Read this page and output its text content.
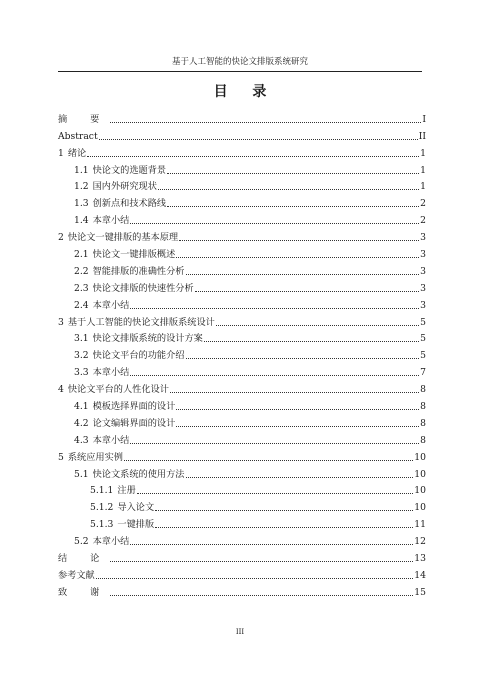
基于人工智能的快论文排版系统研究
目 录
摘 要	I
Abstract	II
1 绪论	1
1.1 快论文的选题背景	1
1.2 国内外研究现状	1
1.3 创新点和技术路线	2
1.4 本章小结	2
2 快论文一键排版的基本原理	3
2.1 快论文一键排版概述	3
2.2 智能排版的准确性分析	3
2.3 快论文排版的快速性分析	3
2.4 本章小结	3
3 基于人工智能的快论文排版系统设计	5
3.1 快论文排版系统的设计方案	5
3.2 快论文平台的功能介绍	5
3.3 本章小结	7
4 快论文平台的人性化设计	8
4.1 模板选择界面的设计	8
4.2 论文编辑界面的设计	8
4.3 本章小结	8
5 系统应用实例	10
5.1 快论文系统的使用方法	10
5.1.1 注册	10
5.1.2 导入论文	10
5.1.3 一键排版	11
5.2 本章小结	12
结 论	13
参考文献	14
致 谢	15
III
